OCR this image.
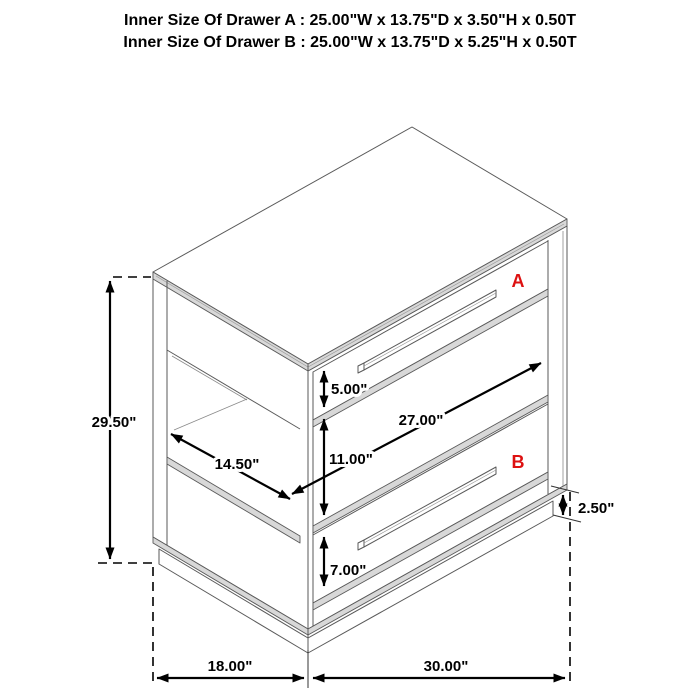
Inner Size Of Drawer A : 25.00"W x 13.75"D x 3.50"H x 0.50T
Inner Size Of Drawer B : 25.00"W x 13.75"D x 5.25"H x 0.50T
A
B
29.50"
14.50"
27.00"
5.00"
11.00"
7.00"
2.50"
18.00"	30.00"
